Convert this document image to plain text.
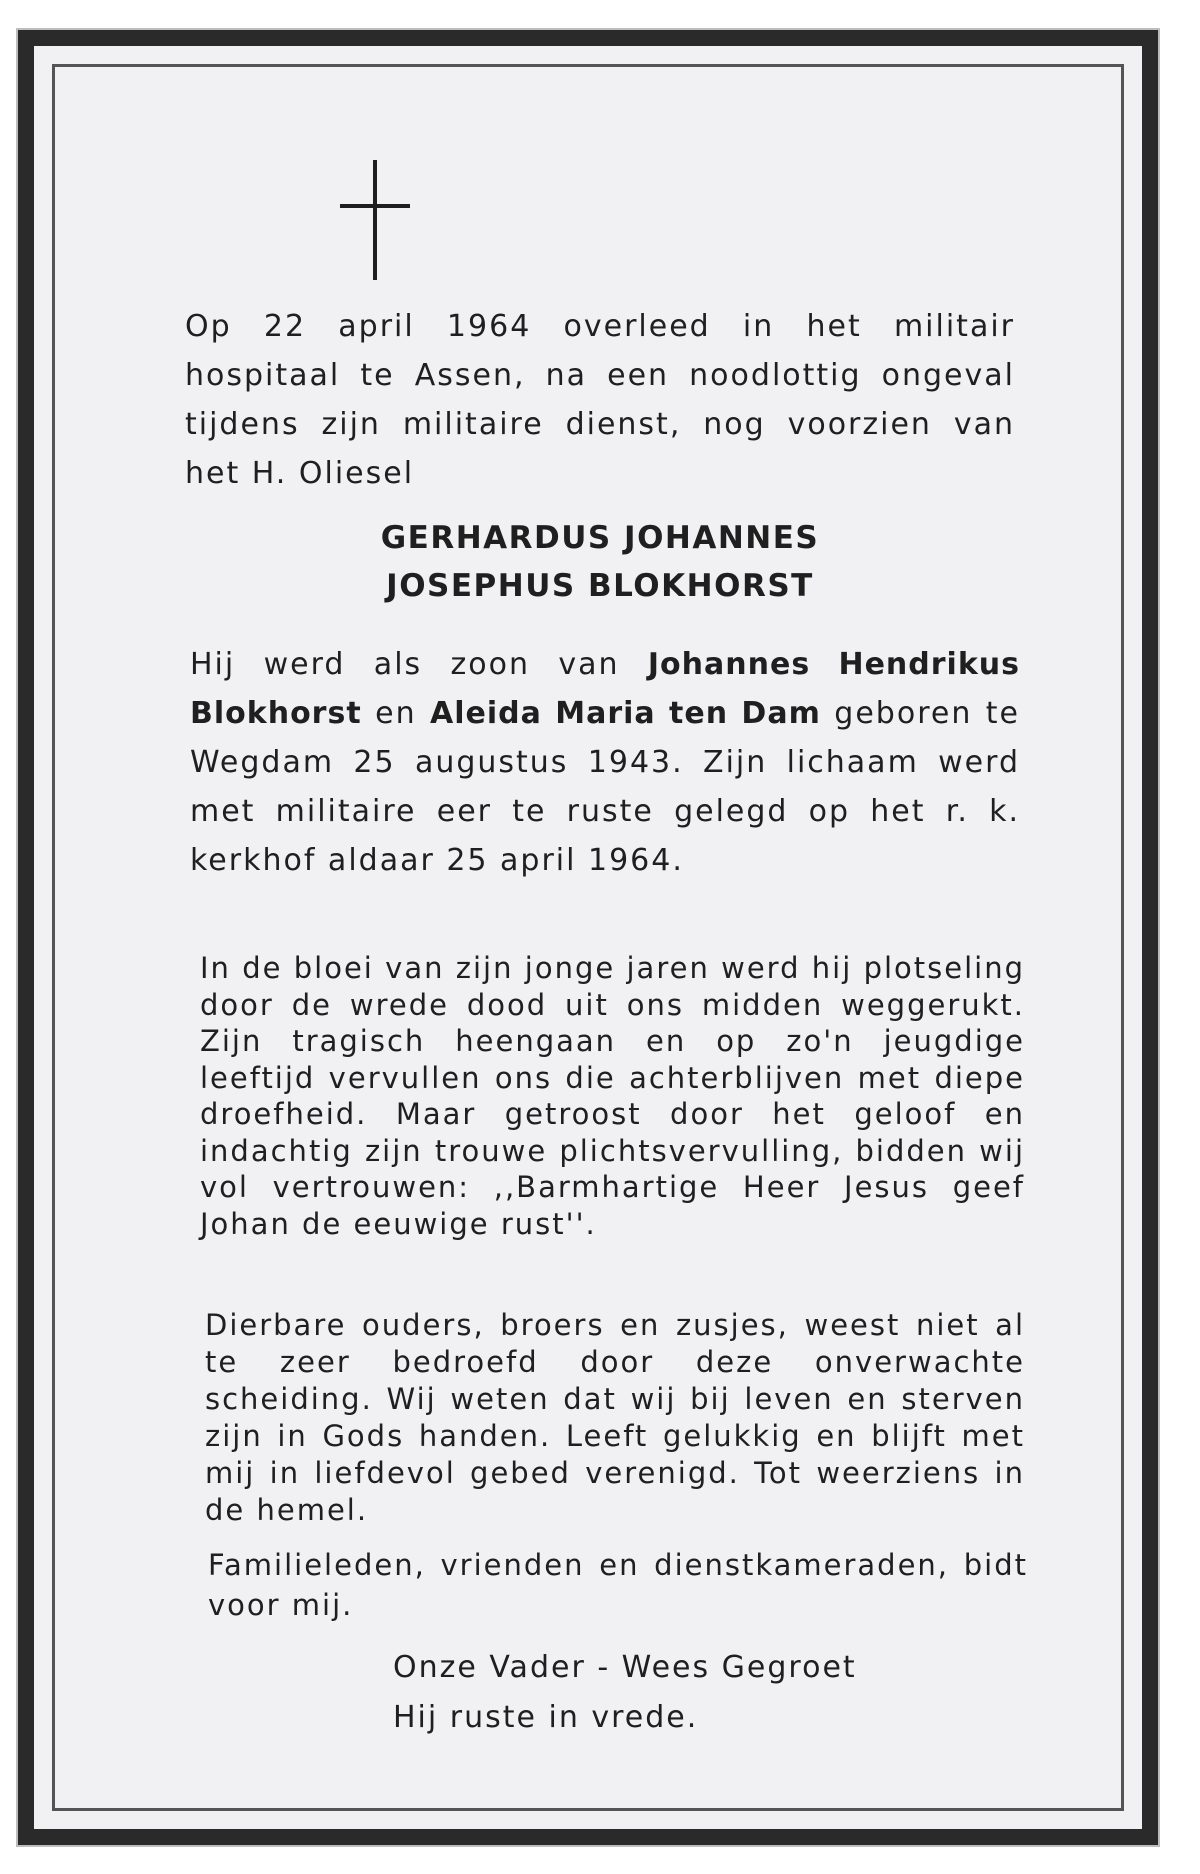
Op 22 april 1964 overleed in het militair hospitaal te Assen, na een noodlottig ongeval tijdens zijn militaire dienst, nog voorzien van het H. Oliesel

GERHARDUS JOHANNES

JOSEPHUS BLOKHORST

Hij werd als zoon van Johannes Hendrikus Blokhorst en Aleida Maria ten Dam geboren te Wegdam 25 augustus 1943. Zijn lichaam werd met militaire eer te ruste gelegd op het r. k. kerkhof aldaar 25 april 1964.

In de bloei van zijn jonge jaren werd hij plotseling door de wrede dood uit ons midden weggerukt. Zijn tragisch heengaan en op zo'n jeugdige leeftijd vervullen ons die achterblijven met diepe droefheid. Maar getroost door het geloof en indachtig zijn trouwe plichtsvervulling, bidden wij vol vertrouwen: ,,Barmhartige Heer Jesus geef Johan de eeuwige rust''.

Dierbare ouders, broers en zusjes, weest niet al te zeer bedroefd door deze onverwachte scheiding. Wij weten dat wij bij leven en sterven zijn in Gods handen. Leeft gelukkig en blijft met mij in liefdevol gebed verenigd. Tot weerziens in de hemel.

Familieleden, vrienden en dienstkameraden, bidt voor mij.

Onze Vader - Wees Gegroet

Hij ruste in vrede.
